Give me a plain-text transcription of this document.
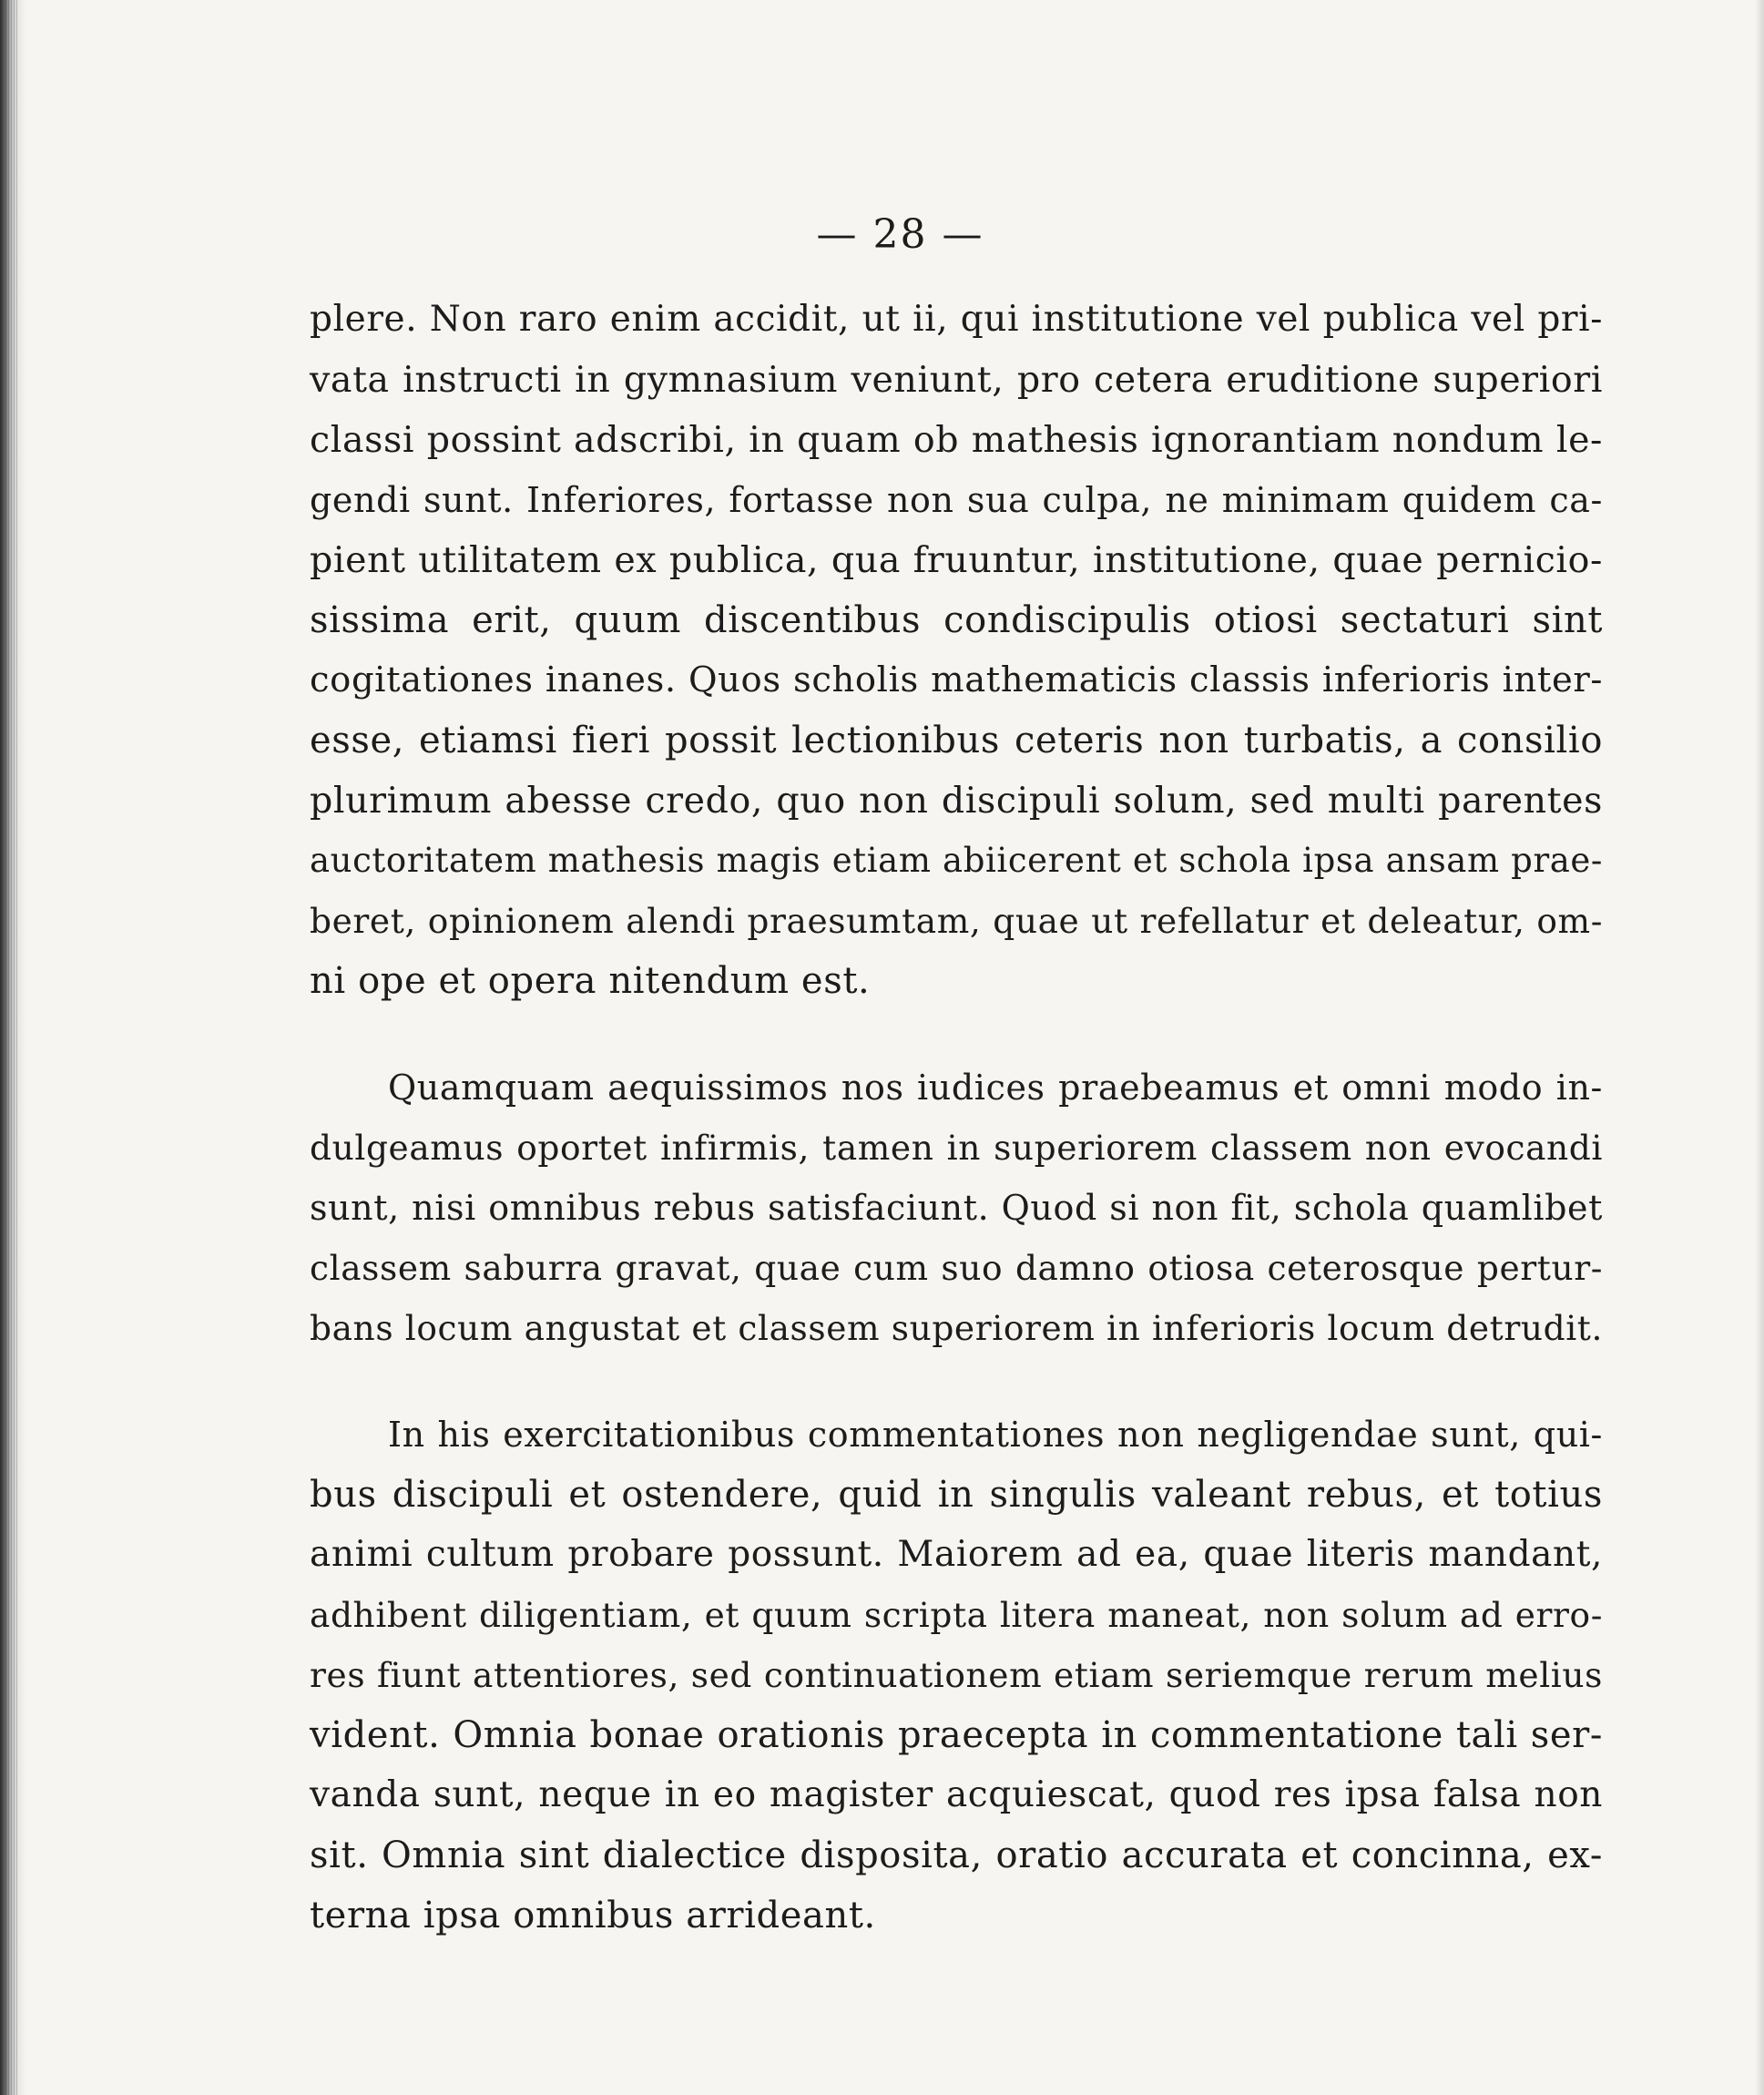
— 28 —
plere. Non raro enim accidit, ut ii, qui institutione vel publica vel pri-
vata instructi in gymnasium veniunt, pro cetera eruditione superiori
classi possint adscribi, in quam ob mathesis ignorantiam nondum le-
gendi sunt. Inferiores, fortasse non sua culpa, ne minimam quidem ca-
pient utilitatem ex publica, qua fruuntur, institutione, quae pernicio-
sissima erit, quum discentibus condiscipulis otiosi sectaturi sint
cogitationes inanes. Quos scholis mathematicis classis inferioris inter-
esse, etiamsi fieri possit lectionibus ceteris non turbatis, a consilio
plurimum abesse credo, quo non discipuli solum, sed multi parentes
auctoritatem mathesis magis etiam abiicerent et schola ipsa ansam prae-
beret, opinionem alendi praesumtam, quae ut refellatur et deleatur, om-
ni ope et opera nitendum est.
Quamquam aequissimos nos iudices praebeamus et omni modo in-
dulgeamus oportet infirmis, tamen in superiorem classem non evocandi
sunt, nisi omnibus rebus satisfaciunt. Quod si non fit, schola quamlibet
classem saburra gravat, quae cum suo damno otiosa ceterosque pertur-
bans locum angustat et classem superiorem in inferioris locum detrudit.
In his exercitationibus commentationes non negligendae sunt, qui-
bus discipuli et ostendere, quid in singulis valeant rebus, et totius
animi cultum probare possunt. Maiorem ad ea, quae literis mandant,
adhibent diligentiam, et quum scripta litera maneat, non solum ad erro-
res fiunt attentiores, sed continuationem etiam seriemque rerum melius
vident. Omnia bonae orationis praecepta in commentatione tali ser-
vanda sunt, neque in eo magister acquiescat, quod res ipsa falsa non
sit. Omnia sint dialectice disposita, oratio accurata et concinna, ex-
terna ipsa omnibus arrideant.
